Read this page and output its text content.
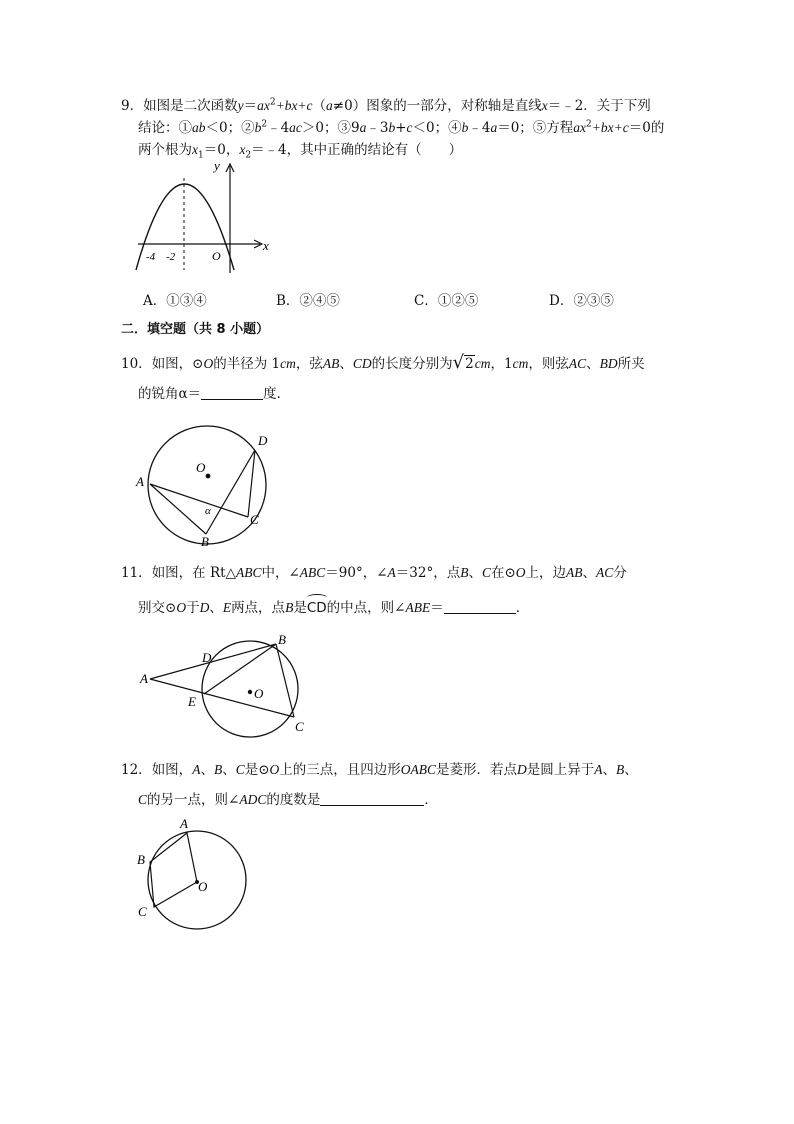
9．如图是二次函数$y=ax^2+bx+c(a\ne 0)$图象的一部分，对称轴是直线x＝﹣2．关于下列
结论：①ab＜0；$②b^2﹣4ac>0$；③9a﹣3b+c＜0；④b﹣4a＝0；⑤方程$ax^2+bx+c=0$的
两个根为$x_1=0$，$x_2=﹣4$，其中正确的结论有（　　）
y
x
O
-4 -2
A．①③④	B．②④⑤	C．①②⑤	D．②③⑤
二．填空题（共 8 小题）
10．如图，⊙O的半径为 1cm，弦AB、CD的长度分别为√2cm，1cm，则弦AC、BD所夹
的锐角α＝	度．
O
A
B
C
D
α
11．如图，在 Rt△ABC中，∠ABC＝90°，∠A＝32°，点B、C在⊙O上，边AB、AC分
别交⊙O于D、E两点，点B是
CD的中点，则∠ABE＝	．
A
B
C
D
E
O
12．如图，A、B、C是⊙O上的三点，且四边形OABC是菱形．若点D是圆上异于A、B、
C的另一点，则∠ADC的度数是	．
A
B
C
O
